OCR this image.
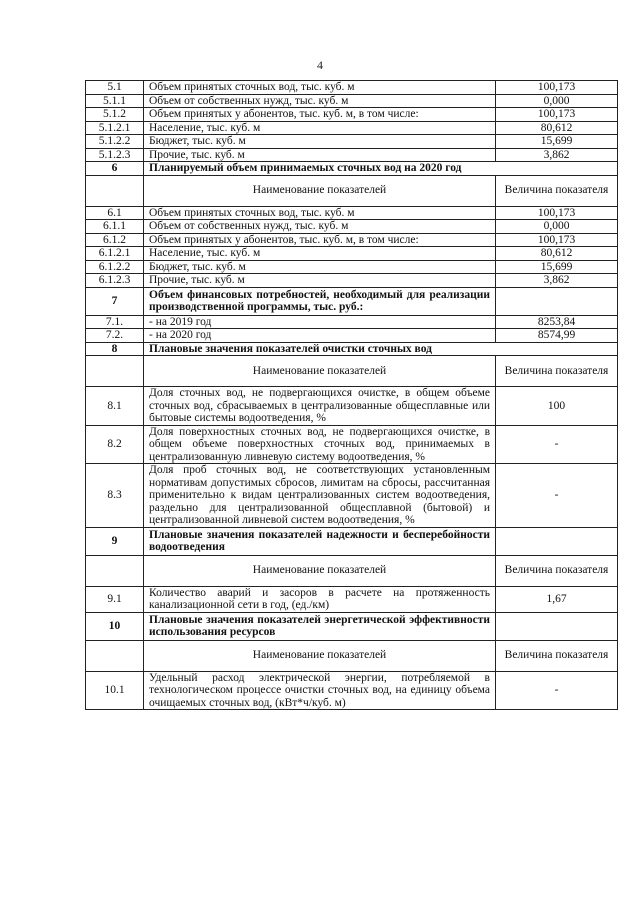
4
5.1	Объем принятых сточных вод, тыс. куб. м	100,173
5.1.1	Объем от собственных нужд, тыс. куб. м	0,000
5.1.2	Объем принятых у абонентов, тыс. куб. м, в том числе:	100,173
5.1.2.1	Население, тыс. куб. м	80,612
5.1.2.2	Бюджет, тыс. куб. м	15,699
5.1.2.3	Прочие, тыс. куб. м	3,862
6	Планируемый объем принимаемых сточных вод на 2020 год	
	Наименование показателей	Величина показателя
6.1	Объем принятых сточных вод, тыс. куб. м	100,173
6.1.1	Объем от собственных нужд, тыс. куб. м	0,000
6.1.2	Объем принятых у абонентов, тыс. куб. м, в том числе:	100,173
6.1.2.1	Население, тыс. куб. м	80,612
6.1.2.2	Бюджет, тыс. куб. м	15,699
6.1.2.3	Прочие, тыс. куб. м	3,862
7	Объем финансовых потребностей, необходимый для реализации производственной программы, тыс. руб.:	
7.1.	- на 2019 год	8253,84
7.2.	- на 2020 год	8574,99
8	Плановые значения показателей очистки сточных вод	
	Наименование показателей	Величина показателя
8.1	Доля сточных вод, не подвергающихся очистке, в общем объеме сточных вод, сбрасываемых в централизованные общесплавные или бытовые системы водоотведения, %	100
8.2	Доля поверхностных сточных вод, не подвергающихся очистке, в общем объеме поверхностных сточных вод, принимаемых в централизованную ливневую систему водоотведения, %	-
8.3	Доля проб сточных вод, не соответствующих установленным нормативам допустимых сбросов, лимитам на сбросы, рассчитанная применительно к видам централизованных систем водоотведения, раздельно для централизованной общесплавной (бытовой) и централизованной ливневой систем водоотведения, %	-
9	Плановые значения показателей надежности и бесперебойности водоотведения	
	Наименование показателей	Величина показателя
9.1	Количество аварий и засоров в расчете на протяженность канализационной сети в год, (ед./км)	1,67
10	Плановые значения показателей энергетической эффективности использования ресурсов	
	Наименование показателей	Величина показателя
10.1	Удельный расход электрической энергии, потребляемой в технологическом процессе очистки сточных вод, на единицу объема очищаемых сточных вод, (кВт*ч/куб. м)	-
